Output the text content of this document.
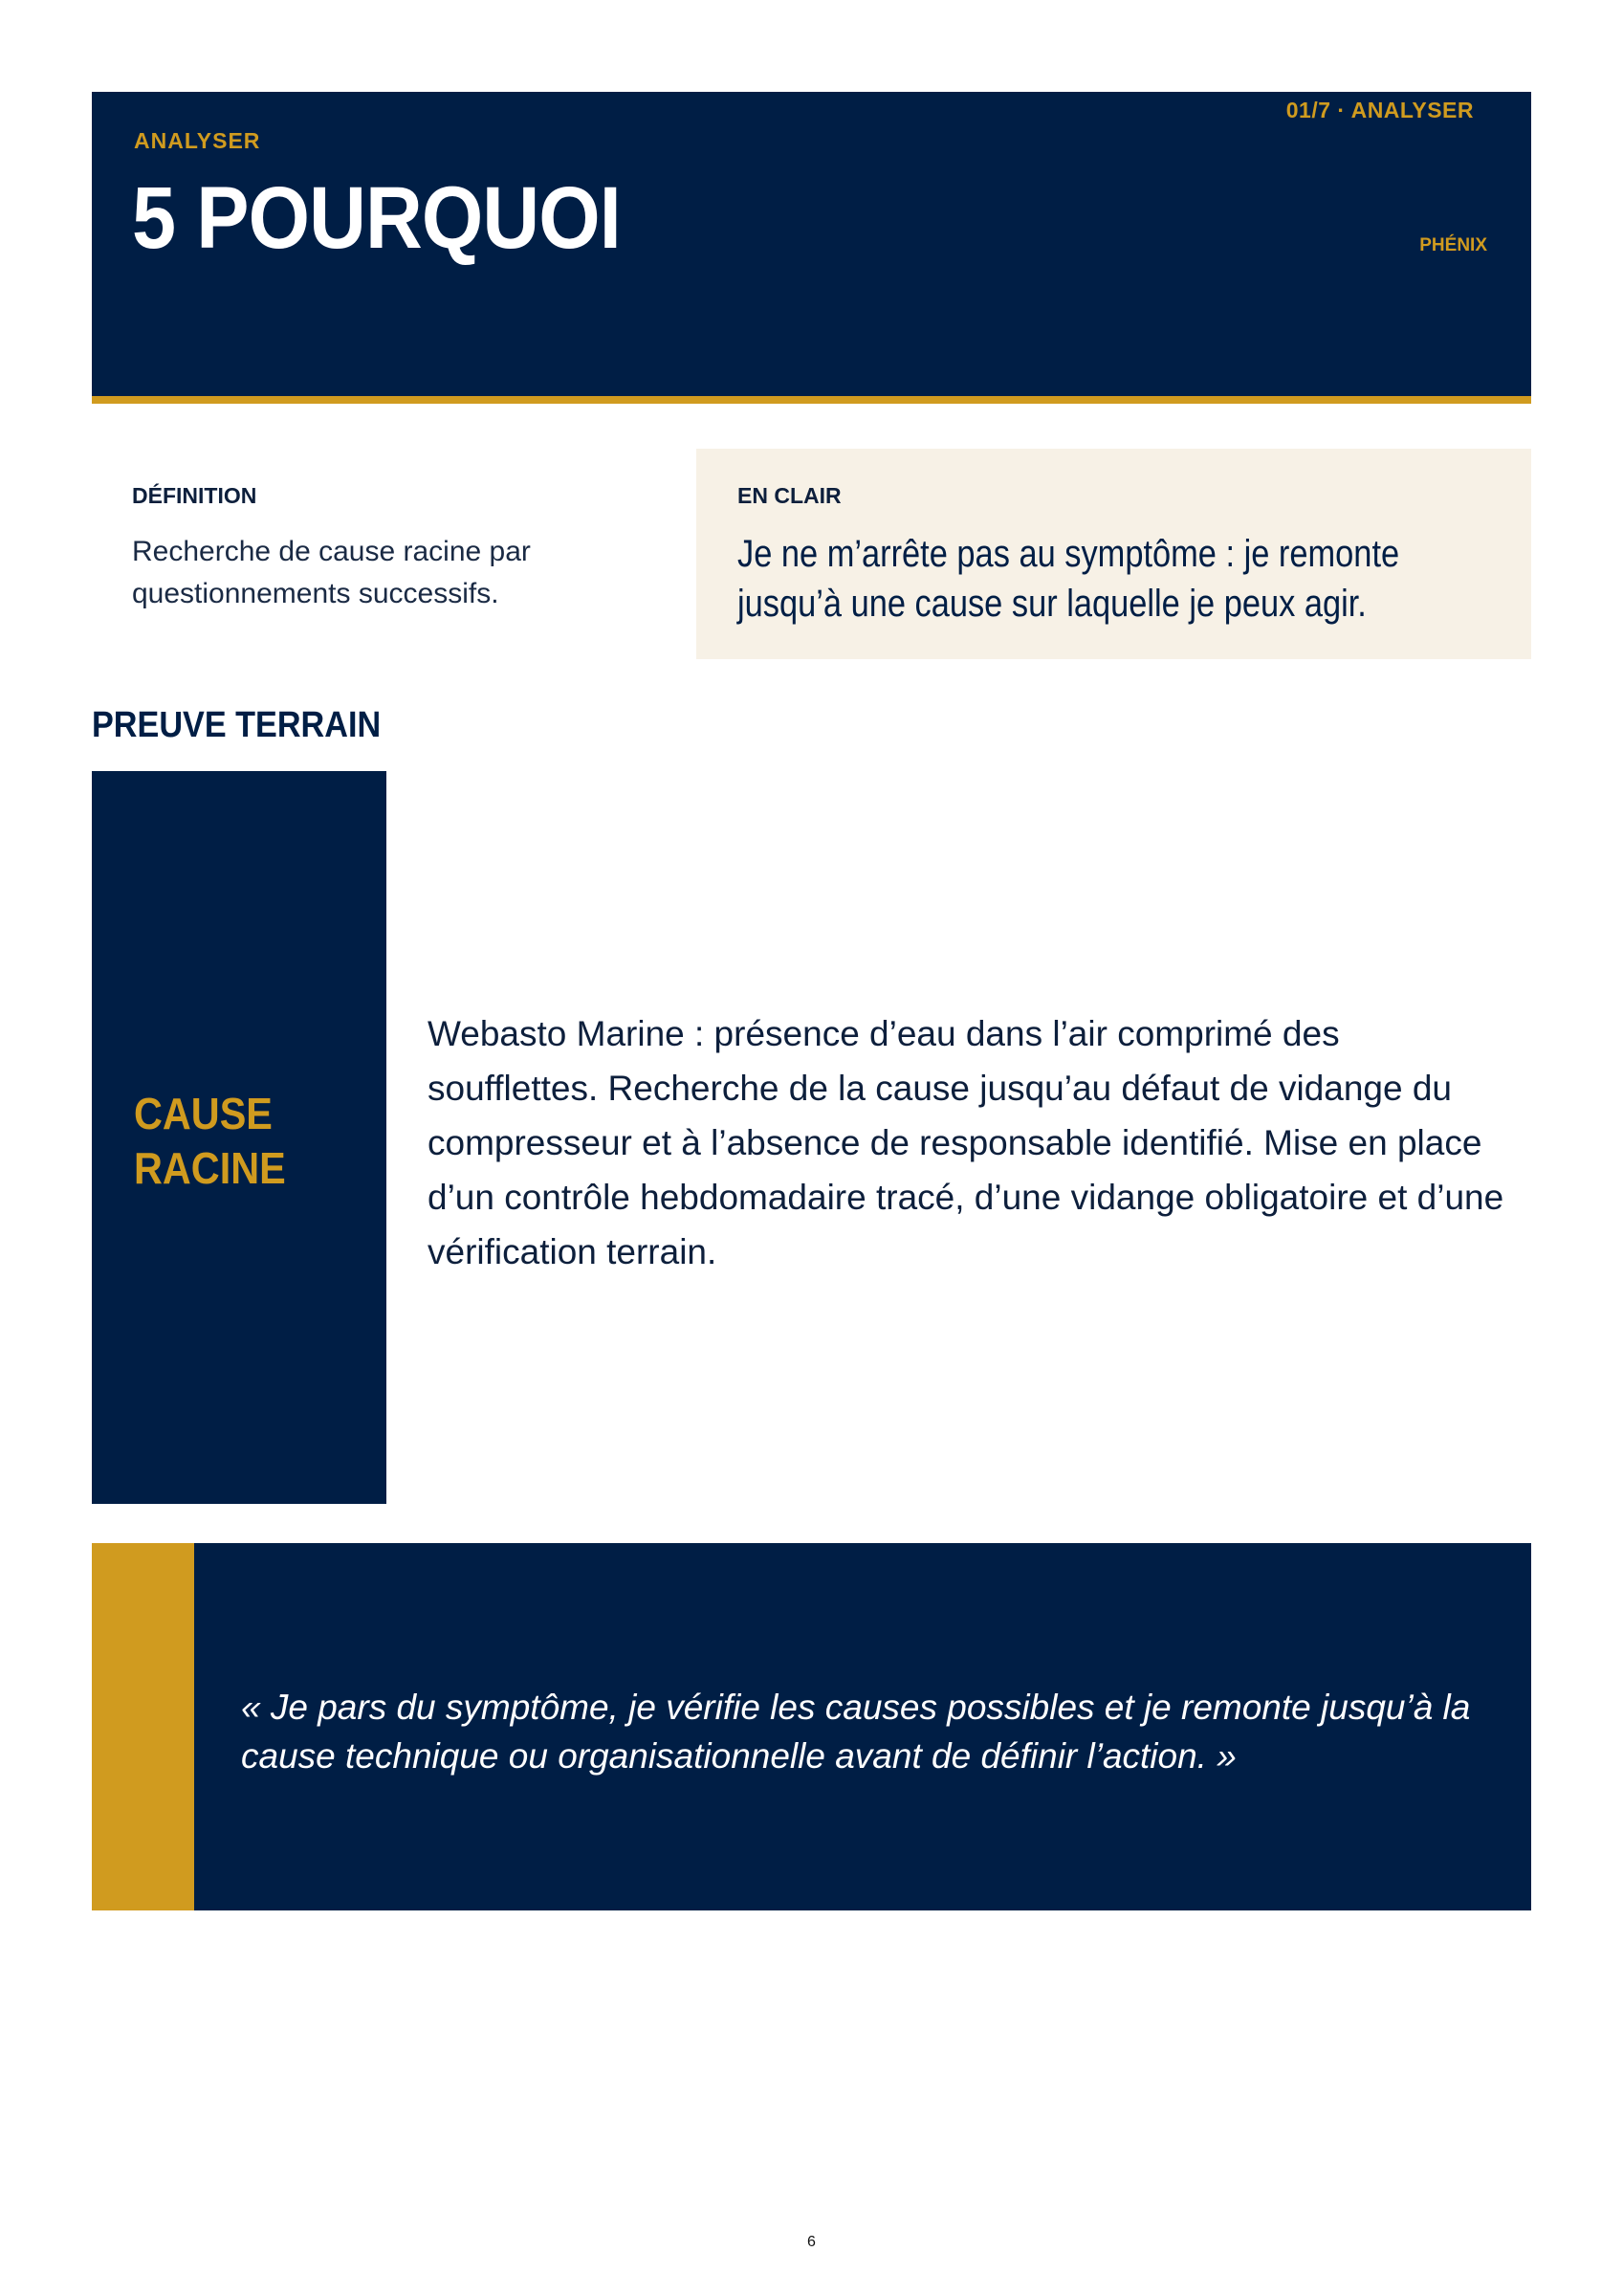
ANALYSER
5 POURQUOI
01/7 · ANALYSER
PHÉNIX
DÉFINITION
Recherche de cause racine par questionnements successifs.
EN CLAIR
Je ne m’arrête pas au symptôme : je remonte jusqu’à une cause sur laquelle je peux agir.
PREUVE TERRAIN
CAUSE RACINE
Webasto Marine : présence d’eau dans l’air comprimé des soufflettes. Recherche de la cause jusqu’au défaut de vidange du compresseur et à l’absence de responsable identifié. Mise en place d’un contrôle hebdomadaire tracé, d’une vidange obligatoire et d’une vérification terrain.
« Je pars du symptôme, je vérifie les causes possibles et je remonte jusqu’à la cause technique ou organisationnelle avant de définir l’action. »
6
